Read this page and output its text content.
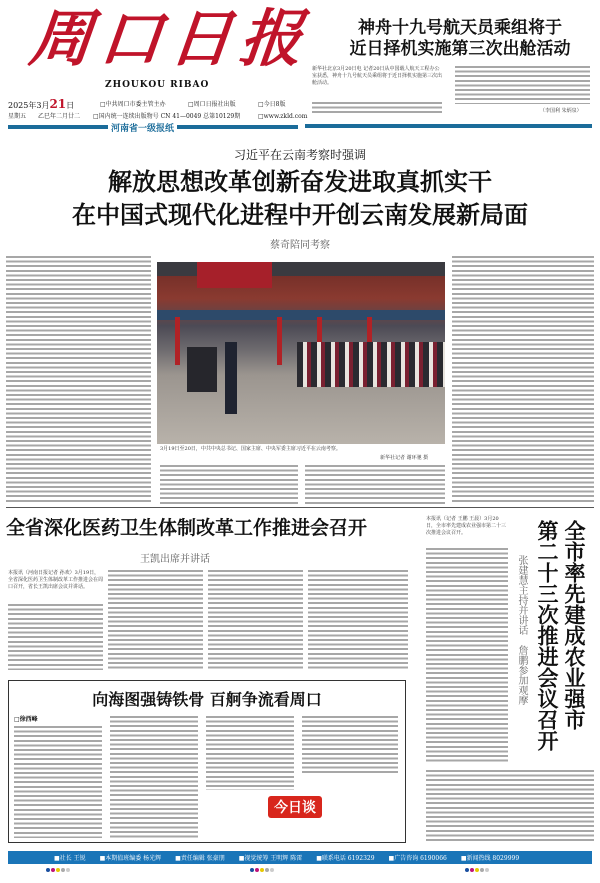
周口日报
ZHOUKOU RIBAO
2025年3月21日	□中共周口市委主管主办	□周口日报社出版	□今日8版
星期五 乙巳年二月廿二 □国内统一连续出版物号 CN 41—0049 总第10129期	□www.zkld.com
河南省一级报纸
神舟十九号航天员乘组将于
近日择机实施第三次出舱活动
新华社北京3月20日电 记者20日从中国载人航天工程办公室获悉，神舟十九号航天员乘组将于近日择机实施第三次出舱活动。
（李国利 朱炳泉）
习近平在云南考察时强调
解放思想改革创新奋发进取真抓实干
在中国式现代化进程中开创云南发展新局面
蔡奇陪同考察
3月19日至20日，中共中央总书记、国家主席、中央军委主席习近平在云南考察。
新华社记者 谢环驰 摄
全省深化医药卫生体制改革工作推进会召开
王凯出席并讲话
本报讯（河南日报记者 孙欢）3月19日，全省深化医药卫生体制改革工作推进会在周口召开，省长王凯出席会议并讲话。
本报讯（记者 王鹏 王晨）3月20日，全市率先建成农业强市第二十三次推进会议召开。	全市率先建成农业强市
第二十三次推进会议召开
张建慧主持并讲话　詹鹏参加观摩
向海图强铸铁骨 百舸争流看周口
□徐西峰
今日谈
■社长 王锐 ■本期值班编委 杨光辉 ■责任编辑 张豪朋 ■视觉统筹 王明辉 陈雷 ■联系电话 6192329 ■广告咨询 6190066 ■新闻热线 8029999
